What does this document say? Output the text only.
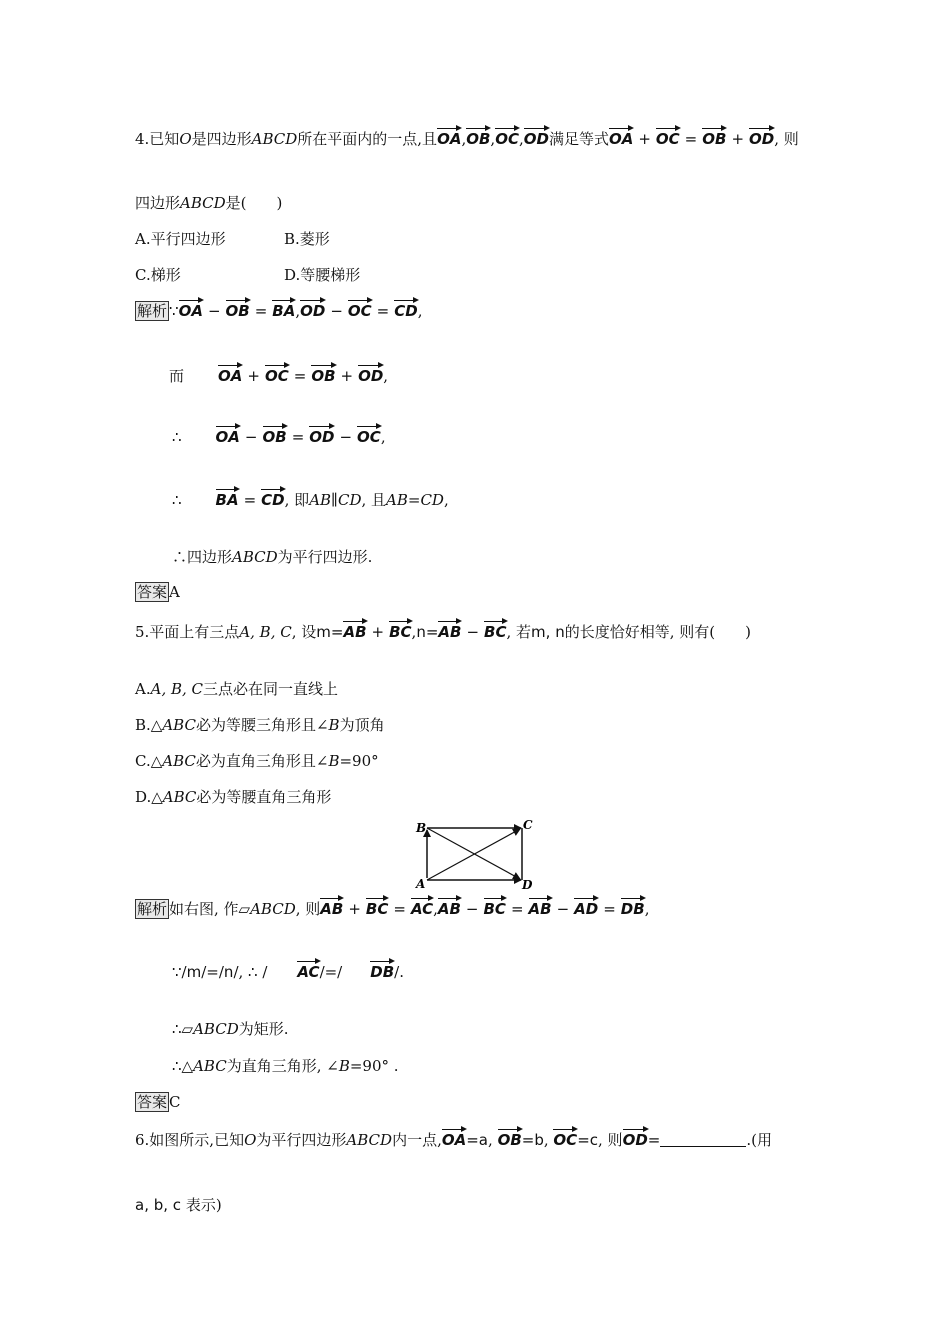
4.已知O是四边形ABCD所在平面内的一点,且OA,OB,OC,OD满足等式OA + OC = OB + OD, 则
四边形ABCD是(　　)
A.平行四边形	B.菱形
C.梯形	D.等腰梯形
解析 ∵OA − OB = BA,OD − OC = CD,
而 OA + OC = OB + OD,
∴ OA − OB = OD − OC,
∴ BA = CD, 即AB∥CD, 且AB=CD,
∴四边形ABCD为平行四边形.
答案 A
5.平面上有三点A, B, C, 设m=AB + BC,n=AB − BC, 若m, n的长度恰好相等, 则有(　　)
A.A, B, C三点必在同一直线上
B.△ABC必为等腰三角形且∠B为顶角
C.△ABC必为直角三角形且∠B=90°
D.△ABC必为等腰直角三角形
B	C
A	D
解析 如右图, 作▱ABCD, 则AB + BC = AC,AB − BC = AB − AD = DB,
∵/m/=/n/, ∴ / AC/=/ DB/.
∴▱ABCD为矩形.
∴△ABC为直角三角形, ∠B=90° .
答案 C
6.如图所示,已知O为平行四边形ABCD内一点,OA=a, OB=b, OC=c, 则OD=	.(用
a, b, c 表示)
